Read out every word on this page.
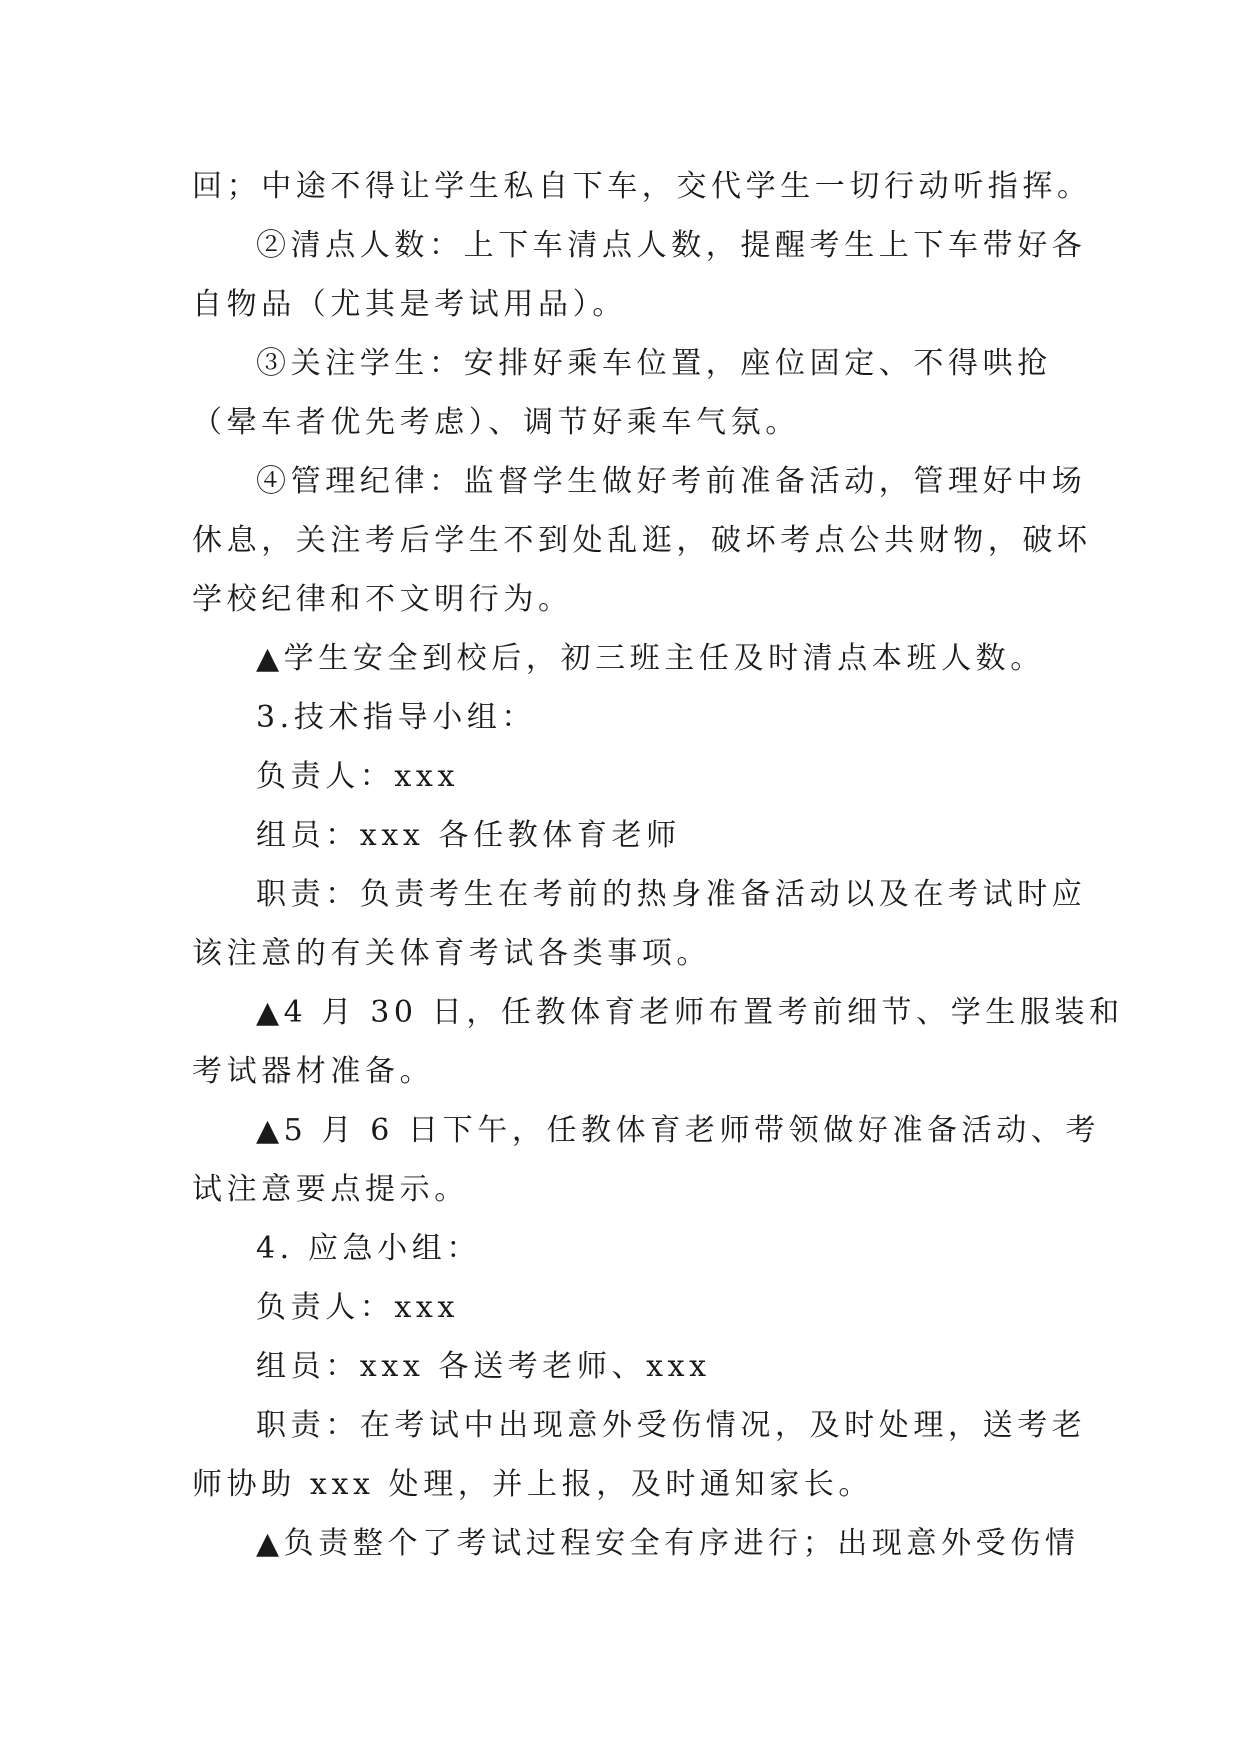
回；中途不得让学生私自下车，交代学生一切行动听指挥。
②清点人数：上下车清点人数，提醒考生上下车带好各
自物品（尤其是考试用品）。
③关注学生：安排好乘车位置，座位固定、不得哄抢
（晕车者优先考虑）、调节好乘车气氛。
④管理纪律：监督学生做好考前准备活动，管理好中场
休息，关注考后学生不到处乱逛，破坏考点公共财物，破坏
学校纪律和不文明行为。
▲学生安全到校后，初三班主任及时清点本班人数。
3.技术指导小组：
负责人：xxx
组员：xxx 各任教体育老师
职责：负责考生在考前的热身准备活动以及在考试时应
该注意的有关体育考试各类事项。
▲4 月 30 日，任教体育老师布置考前细节、学生服装和
考试器材准备。
▲5 月 6 日下午，任教体育老师带领做好准备活动、考
试注意要点提示。
4. 应急小组：
负责人：xxx
组员：xxx 各送考老师、xxx
职责：在考试中出现意外受伤情况，及时处理，送考老
师协助 xxx 处理，并上报，及时通知家长。
▲负责整个了考试过程安全有序进行；出现意外受伤情
